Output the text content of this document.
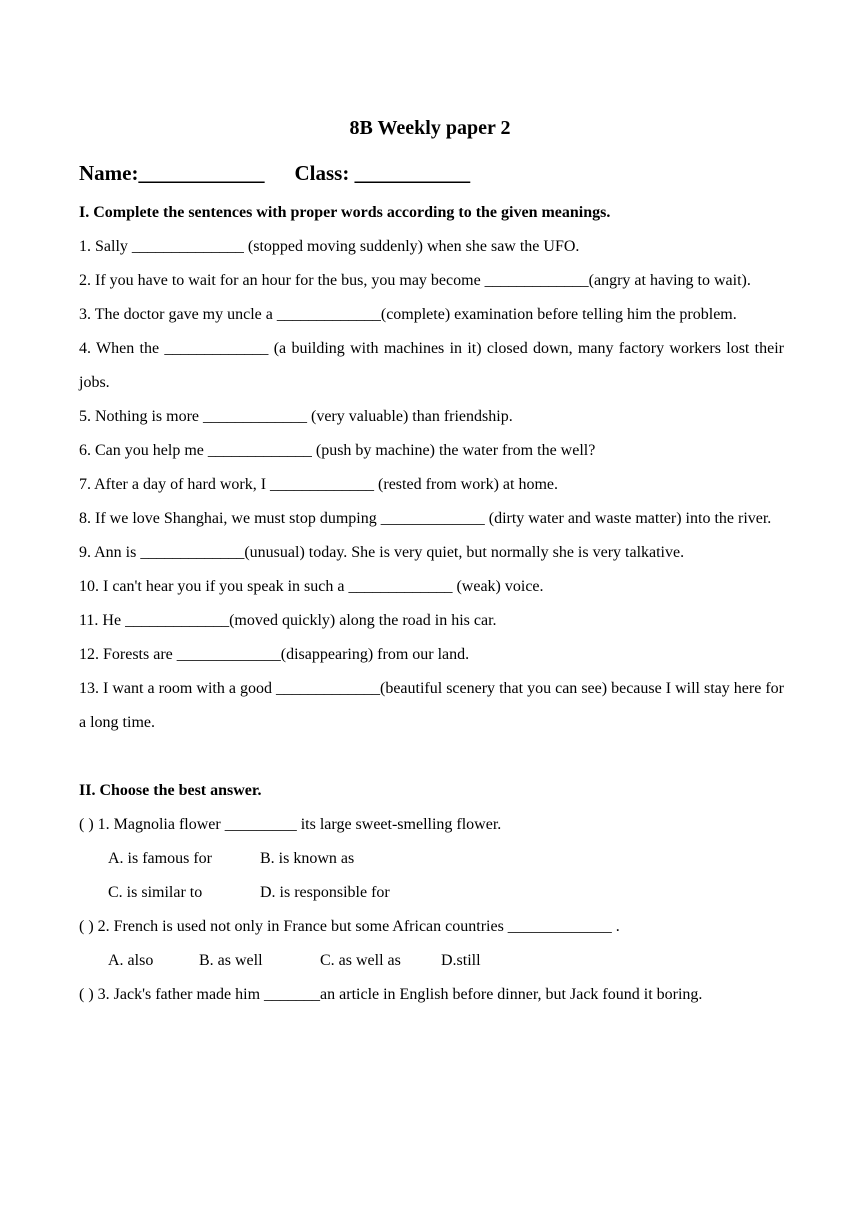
8B Weekly paper 2
Name:____________ Class: ___________
I. Complete the sentences with proper words according to the given meanings.
1. Sally ______________ (stopped moving suddenly) when she saw the UFO.
2. If you have to wait for an hour for the bus, you may become _____________(angry at having to wait).
3. The doctor gave my uncle a _____________(complete) examination before telling him the problem.
4. When the _____________ (a building with machines in it) closed down, many factory workers lost their jobs.
5. Nothing is more _____________ (very valuable) than friendship.
6. Can you help me _____________ (push by machine) the water from the well?
7. After a day of hard work, I _____________ (rested from work) at home.
8. If we love Shanghai, we must stop dumping _____________ (dirty water and waste matter) into the river.
9. Ann is _____________(unusual) today. She is very quiet, but normally she is very talkative.
10. I can't hear you if you speak in such a _____________ (weak) voice.
11. He _____________(moved quickly) along the road in his car.
12. Forests are _____________(disappearing) from our land.
13. I want a room with a good _____________(beautiful scenery that you can see) because I will stay here for a long time.
II. Choose the best answer.
( ) 1. Magnolia flower _________ its large sweet-smelling flower.
A. is famous for	B. is known as
C. is similar to	D. is responsible for
( ) 2. French is used not only in France but some African countries _____________ .
A. also	B. as well	C. as well as	D.still
( ) 3. Jack's father made him _______an article in English before dinner, but Jack found it boring.
